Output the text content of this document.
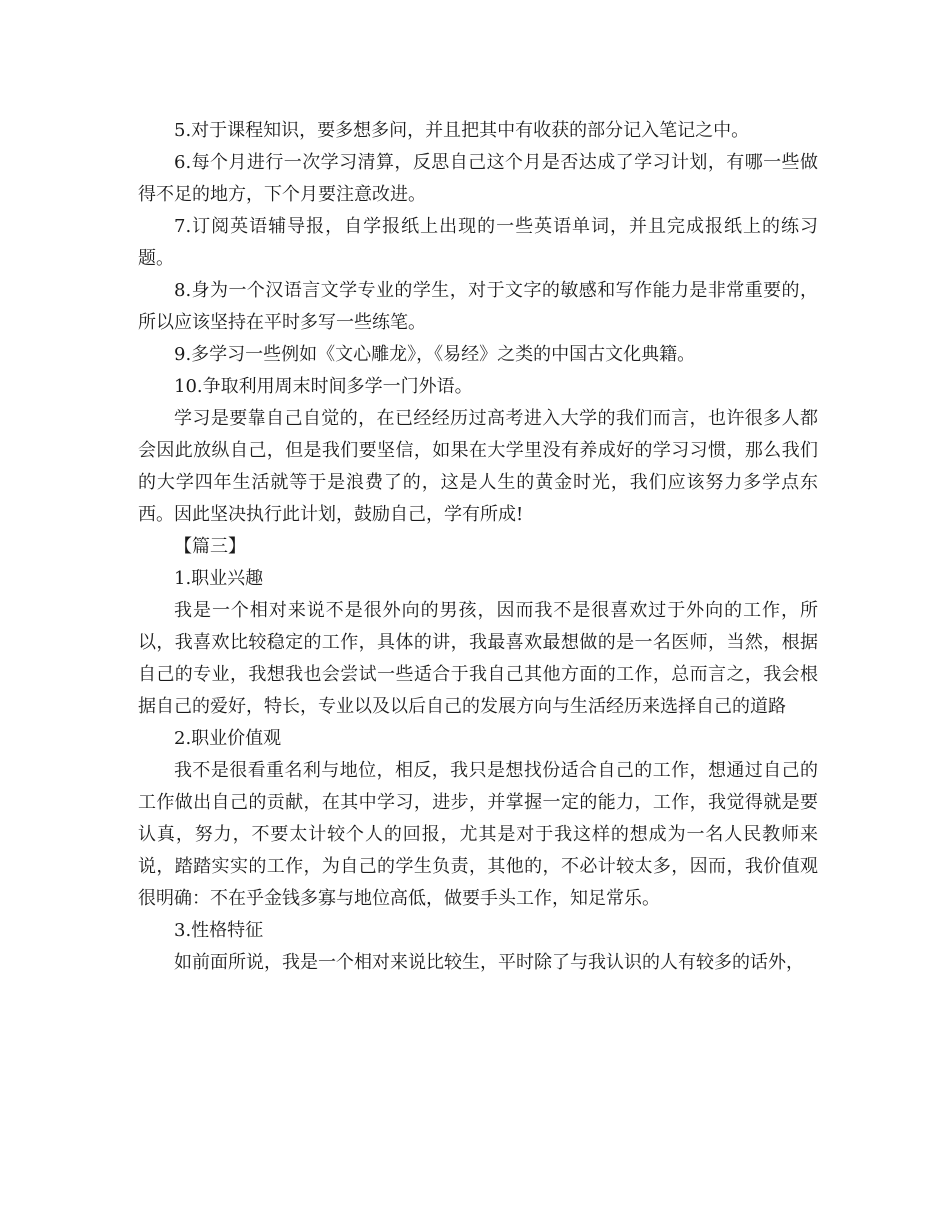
5.对于课程知识，要多想多问，并且把其中有收获的部分记入笔记之中。

6.每个月进行一次学习清算，反思自己这个月是否达成了学习计划，有哪一些做得不足的地方，下个月要注意改进。

7.订阅英语辅导报，自学报纸上出现的一些英语单词，并且完成报纸上的练习题。

8.身为一个汉语言文学专业的学生，对于文字的敏感和写作能力是非常重要的，所以应该坚持在平时多写一些练笔。

9.多学习一些例如《文心雕龙》，《易经》之类的中国古文化典籍。

10.争取利用周末时间多学一门外语。

学习是要靠自己自觉的，在已经经历过高考进入大学的我们而言，也许很多人都会因此放纵自己，但是我们要坚信，如果在大学里没有养成好的学习习惯，那么我们的大学四年生活就等于是浪费了的，这是人生的黄金时光，我们应该努力多学点东西。因此坚决执行此计划，鼓励自己，学有所成!

【篇三】

1.职业兴趣

我是一个相对来说不是很外向的男孩，因而我不是很喜欢过于外向的工作，所以，我喜欢比较稳定的工作，具体的讲，我最喜欢最想做的是一名医师，当然，根据自己的专业，我想我也会尝试一些适合于我自己其他方面的工作，总而言之，我会根据自己的爱好，特长，专业以及以后自己的发展方向与生活经历来选择自己的道路

2.职业价值观

我不是很看重名利与地位，相反，我只是想找份适合自己的工作，想通过自己的工作做出自己的贡献，在其中学习，进步，并掌握一定的能力，工作，我觉得就是要认真，努力，不要太计较个人的回报，尤其是对于我这样的想成为一名人民教师来说，踏踏实实的工作，为自己的学生负责，其他的，不必计较太多，因而，我价值观很明确：不在乎金钱多寡与地位高低，做要手头工作，知足常乐。

3.性格特征

如前面所说，我是一个相对来说比较生，平时除了与我认识的人有较多的话外，
